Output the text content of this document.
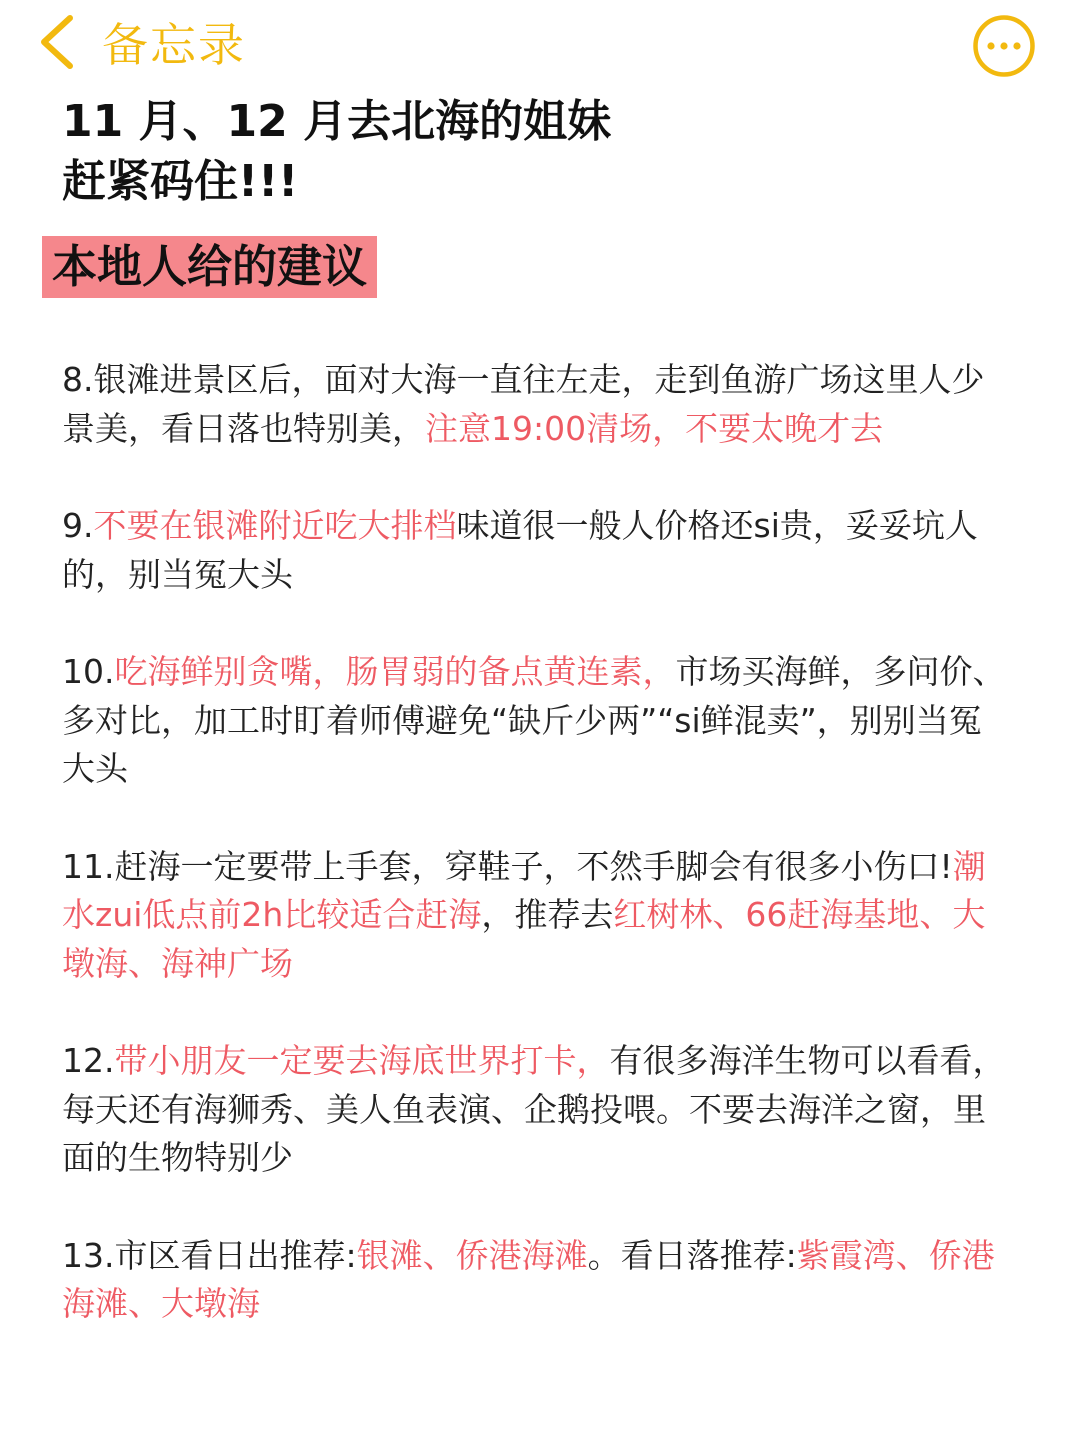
备忘录
11 月、12 月去北海的姐妹
赶紧码住!!!
本地人给的建议

8.银滩进景区后，面对大海一直往左走，走到鱼游广场这里人少景美，看日落也特别美，注意19:00清场，不要太晚才去

9.不要在银滩附近吃大排档味道很一般人价格还si贵，妥妥坑人的，别当冤大头

10.吃海鲜别贪嘴，肠胃弱的备点黄连素，市场买海鲜，多问价、多对比，加工时盯着师傅避免“缺斤少两”“si鲜混卖”，别别当冤大头

11.赶海一定要带上手套，穿鞋子，不然手脚会有很多小伤口!潮水zui低点前2h比较适合赶海，推荐去红树林、66赶海基地、大墩海、海神广场

12.带小朋友一定要去海底世界打卡，有很多海洋生物可以看看，每天还有海狮秀、美人鱼表演、企鹅投喂。不要去海洋之窗，里面的生物特别少

13.市区看日出推荐:银滩、侨港海滩。看日落推荐:紫霞湾、侨港海滩、大墩海
